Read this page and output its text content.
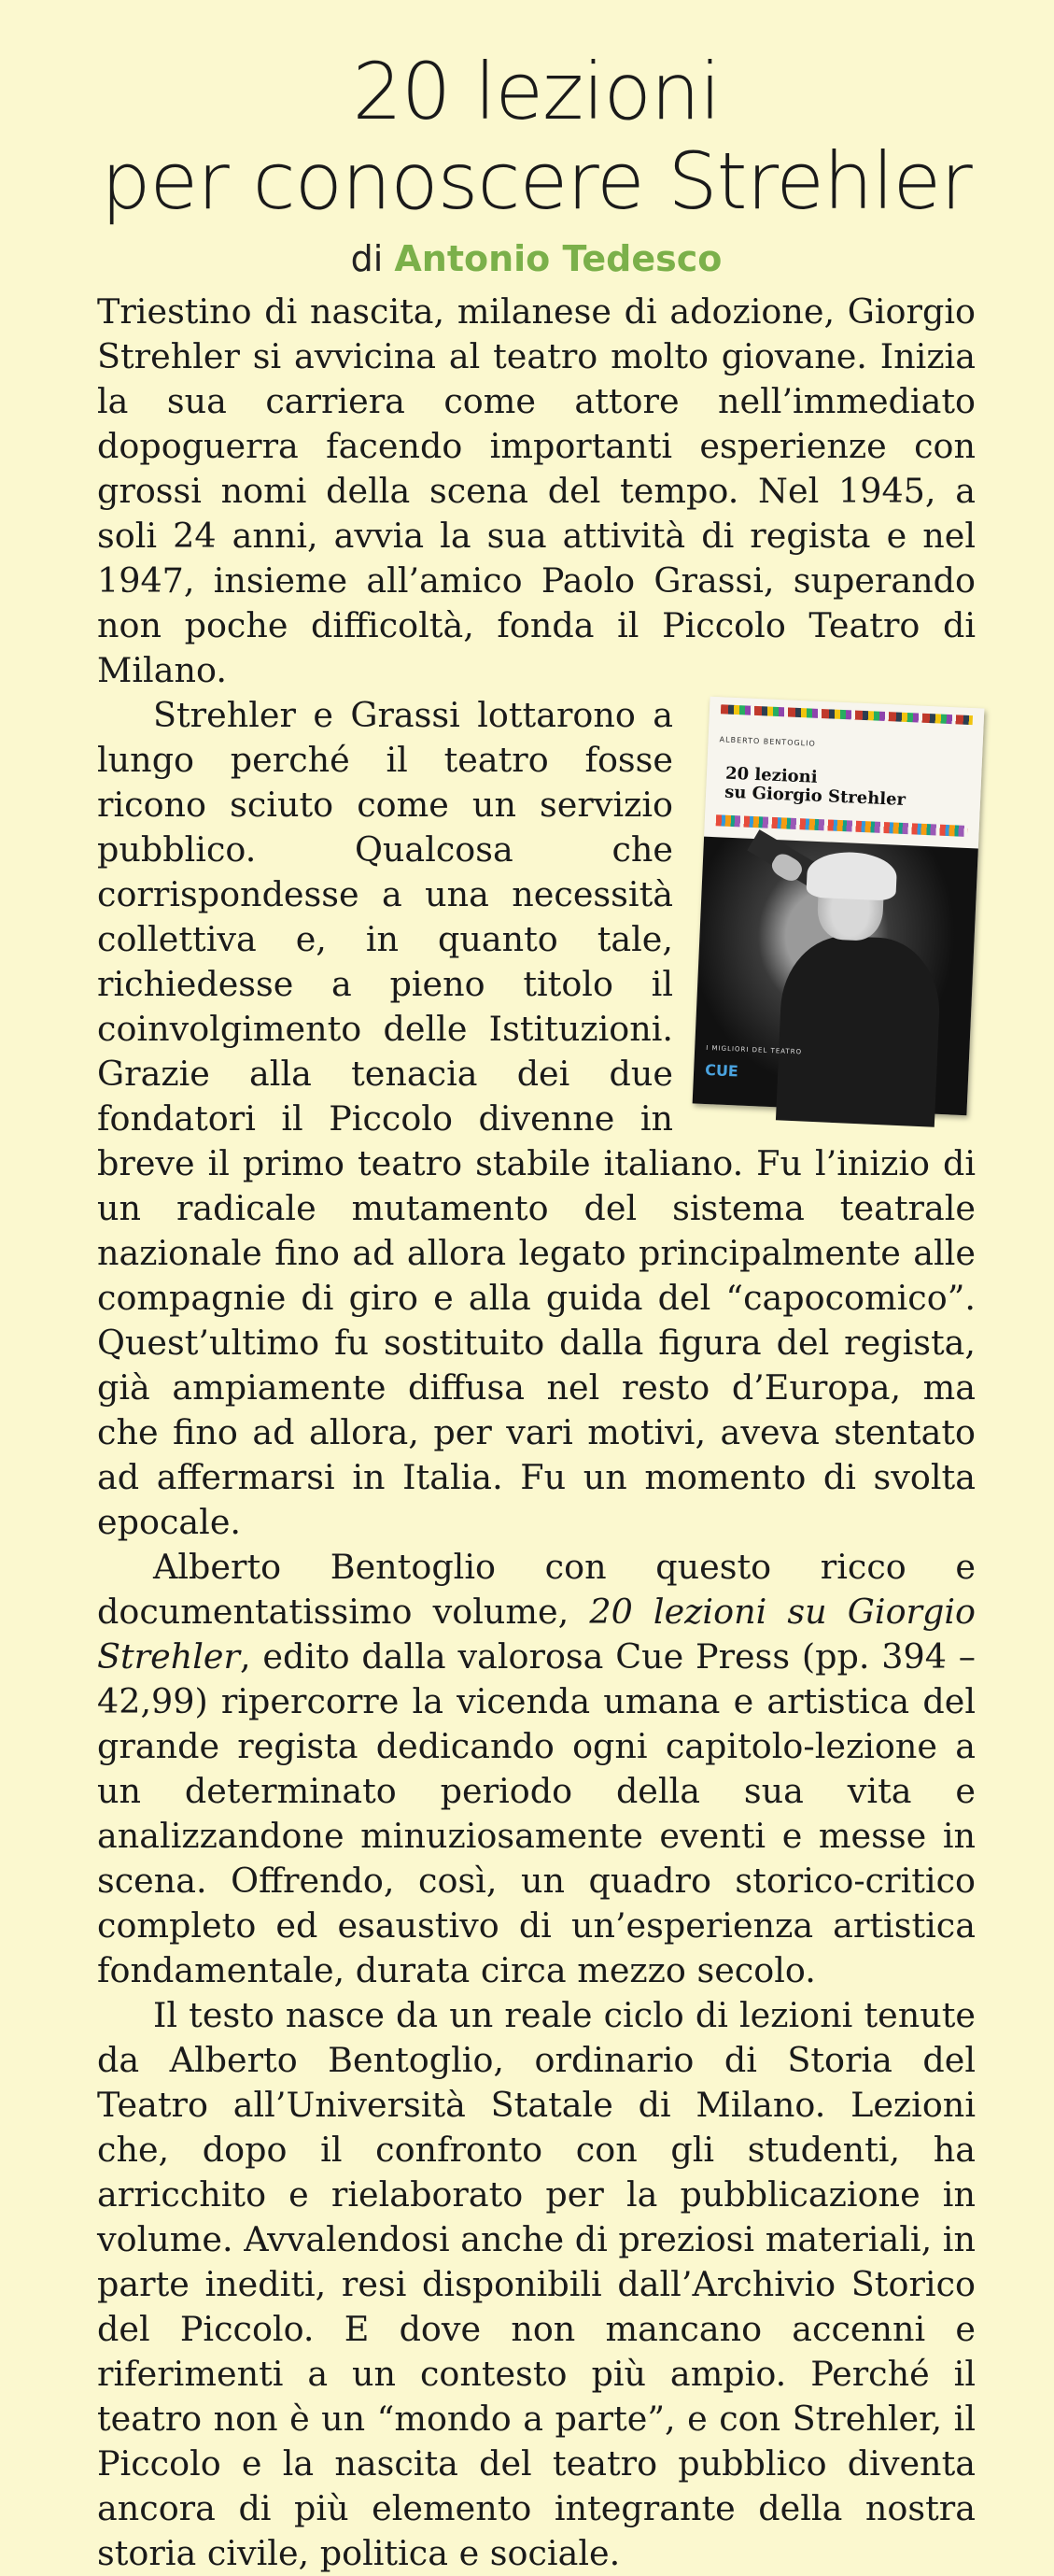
20 lezioni
per conoscere Strehler
di Antonio Tedesco

Triestino di nascita, milanese di adozione, Giorgio Strehler si avvicina al teatro molto giovane. Inizia la sua carriera come attore nell’immediato dopoguerra facendo importanti esperienze con grossi nomi della scena del tempo. Nel 1945, a soli 24 anni, avvia la sua attività di regista e nel 1947, insieme all’amico Paolo Grassi, superando non poche difficoltà, fonda il Piccolo Teatro di Milano.

ALBERTO BENTOGLIO
20 lezioni
su Giorgio Strehler
I MIGLIORI DEL TEATRO
CUE

Strehler e Grassi lottarono a lungo perché il teatro fosse ricono sciuto come un servizio pubblico. Qualcosa che corrispondesse a una necessità collettiva e, in quanto tale, richiedesse a pieno titolo il coinvolgimento delle Istituzioni. Grazie alla tenacia dei due fondatori il Piccolo divenne in breve il primo teatro stabile italiano. Fu l’inizio di un radicale mutamento del sistema teatrale nazionale fino ad allora legato principalmente alle compagnie di giro e alla guida del “capocomico”. Quest’ultimo fu sostituito dalla figura del regista, già ampiamente diffusa nel resto d’Europa, ma che fino ad allora, per vari motivi, aveva stentato ad affermarsi in Italia. Fu un momento di svolta epocale.

Alberto Bentoglio con questo ricco e documentatissimo volume, 20 lezioni su Giorgio Strehler, edito dalla valorosa Cue Press (pp. 394 – 42,99) ripercorre la vicenda umana e artistica del grande regista dedicando ogni capitolo-lezione a un determinato periodo della sua vita e analizzandone minuziosamente eventi e messe in scena. Offrendo, così, un quadro storico-critico completo ed esaustivo di un’esperienza artistica fondamentale, durata circa mezzo secolo.

Il testo nasce da un reale ciclo di lezioni tenute da Alberto Bentoglio, ordinario di Storia del Teatro all’Università Statale di Milano. Lezioni che, dopo il confronto con gli studenti, ha arricchito e rielaborato per la pubblicazione in volume. Avvalendosi anche di preziosi materiali, in parte inediti, resi disponibili dall’Archivio Storico del Piccolo. E dove non mancano accenni e riferimenti a un contesto più ampio. Perché il teatro non è un “mondo a parte”, e con Strehler, il Piccolo e la nascita del teatro pubblico diventa ancora di più elemento integrante della nostra storia civile, politica e sociale.
